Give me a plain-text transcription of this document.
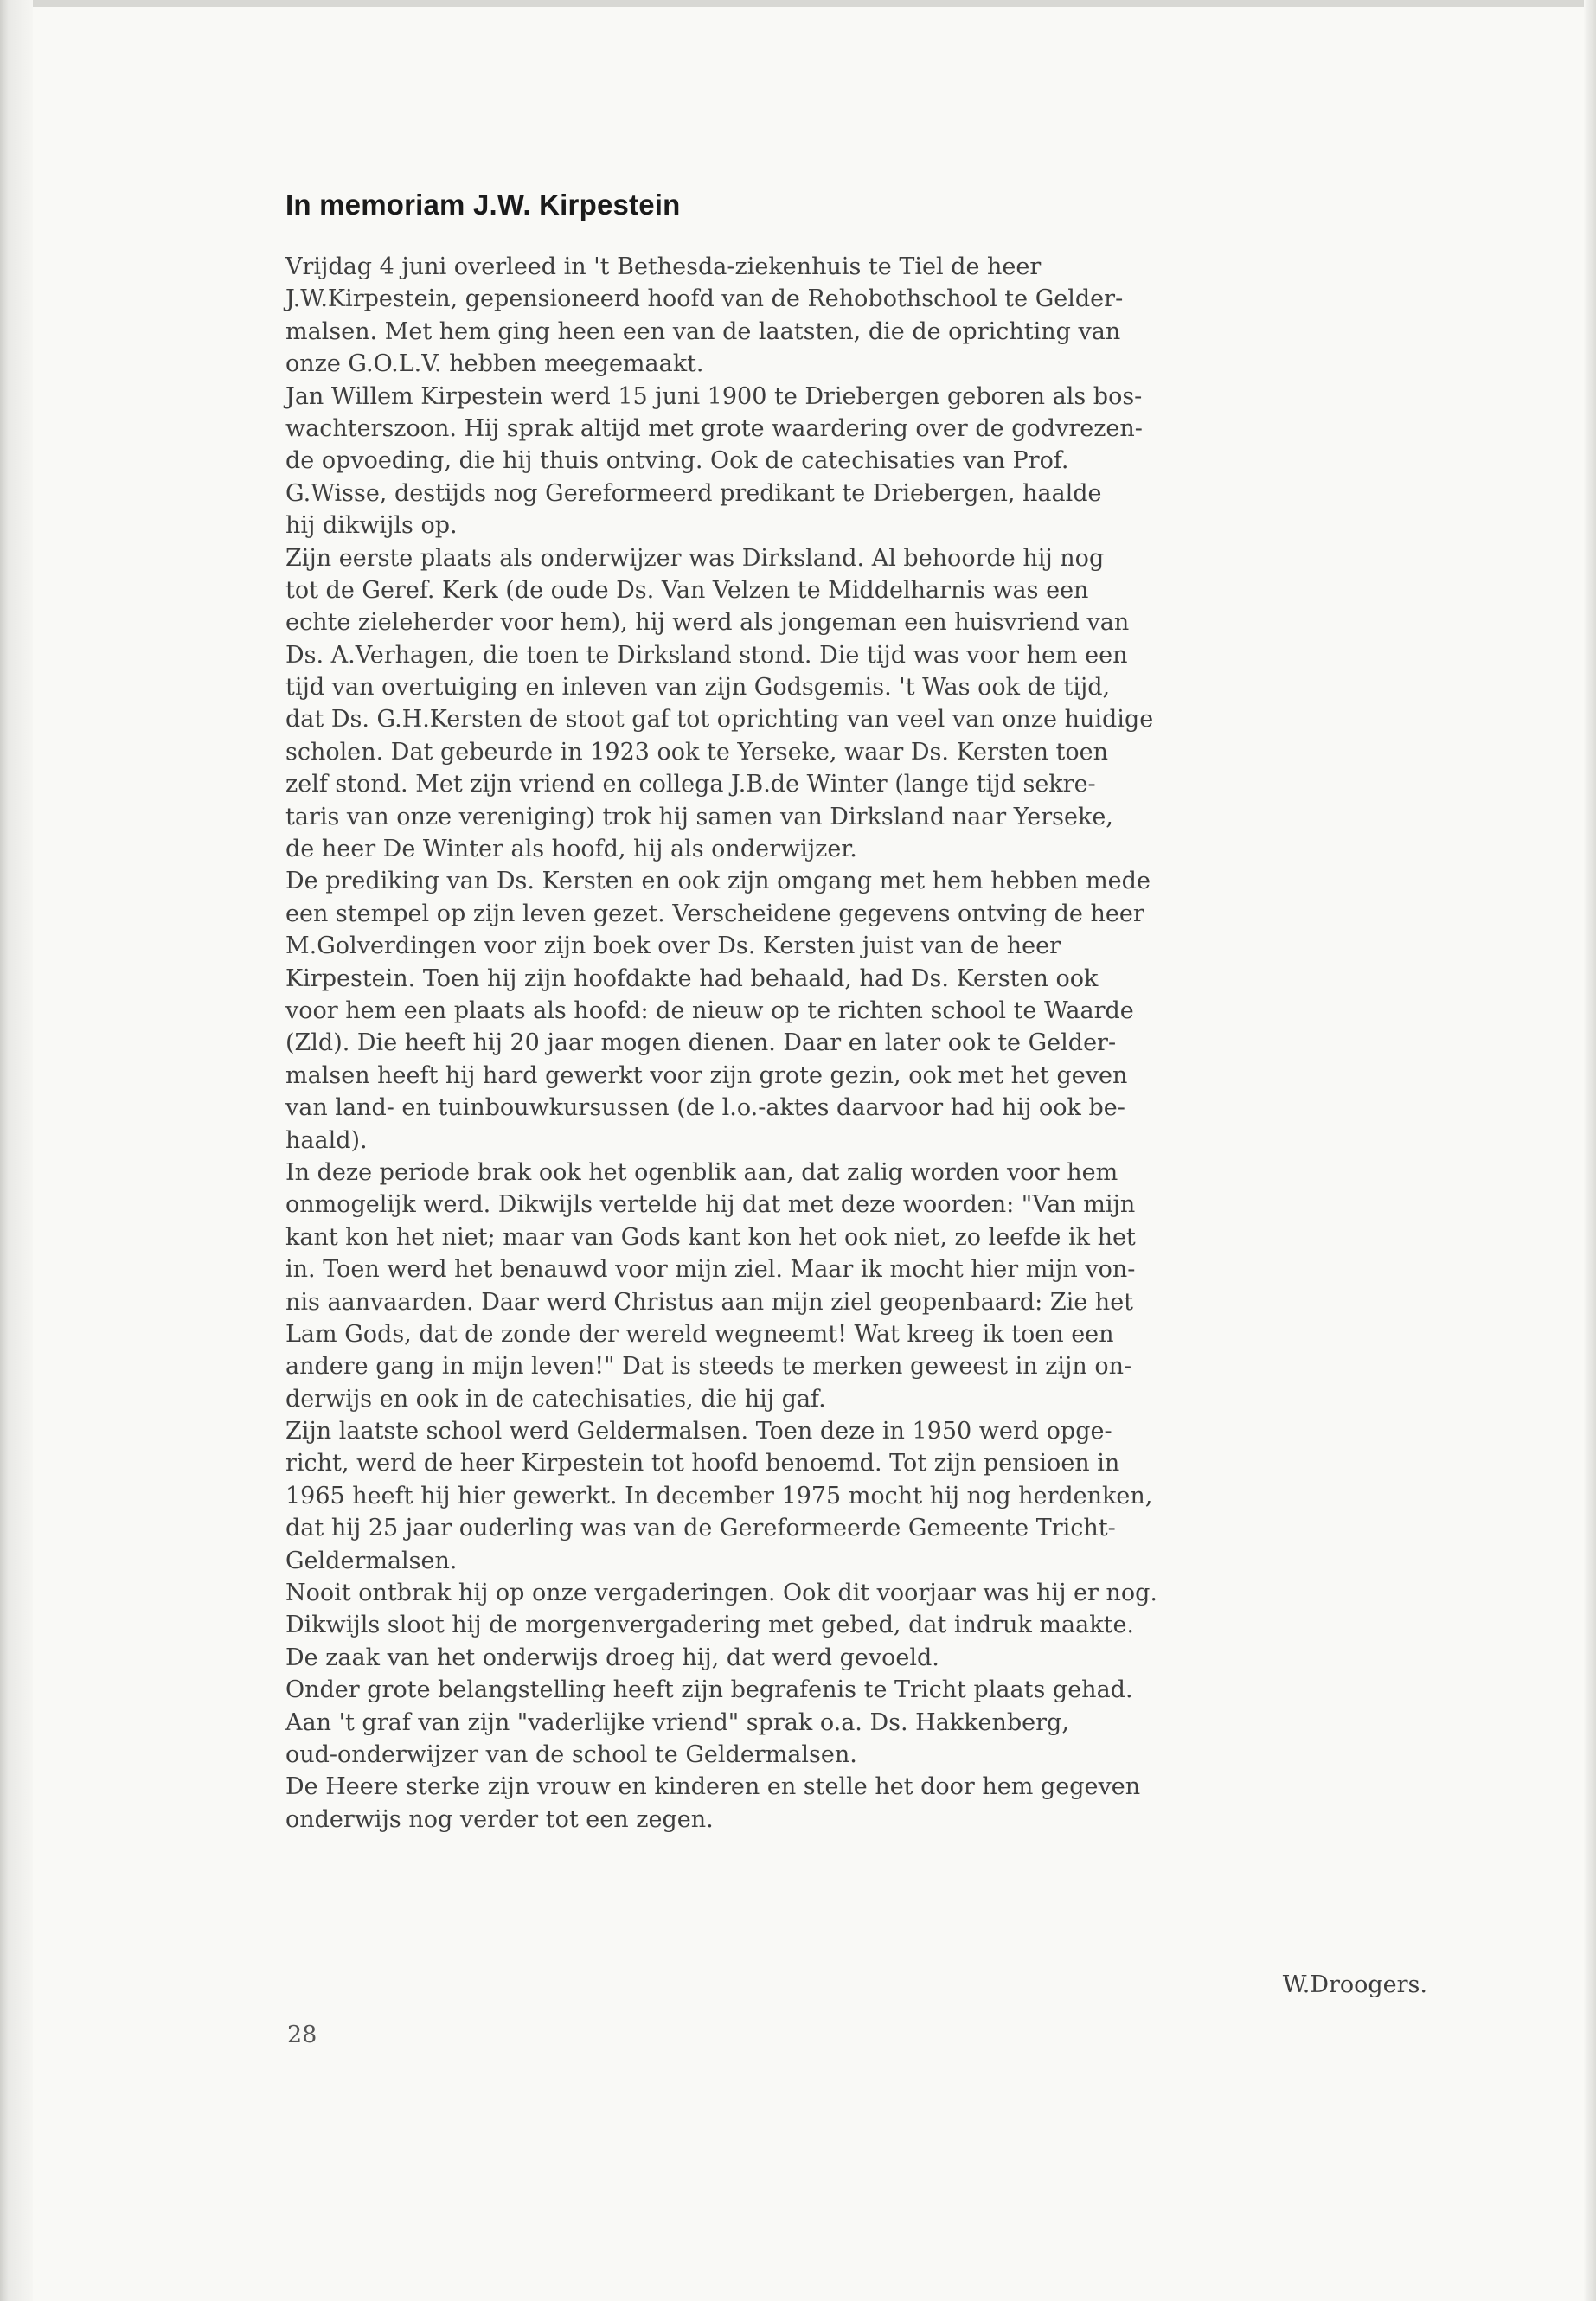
In memoriam J.W. Kirpestein
Vrijdag 4 juni overleed in 't Bethesda-ziekenhuis te Tiel de heer
J.W.Kirpestein, gepensioneerd hoofd van de Rehobothschool te Gelder-
malsen. Met hem ging heen een van de laatsten, die de oprichting van
onze G.O.L.V. hebben meegemaakt.
Jan Willem Kirpestein werd 15 juni 1900 te Driebergen geboren als bos-
wachterszoon. Hij sprak altijd met grote waardering over de godvrezen-
de opvoeding, die hij thuis ontving. Ook de catechisaties van Prof.
G.Wisse, destijds nog Gereformeerd predikant te Driebergen, haalde
hij dikwijls op.
Zijn eerste plaats als onderwijzer was Dirksland. Al behoorde hij nog
tot de Geref. Kerk (de oude Ds. Van Velzen te Middelharnis was een
echte zieleherder voor hem), hij werd als jongeman een huisvriend van
Ds. A.Verhagen, die toen te Dirksland stond. Die tijd was voor hem een
tijd van overtuiging en inleven van zijn Godsgemis. 't Was ook de tijd,
dat Ds. G.H.Kersten de stoot gaf tot oprichting van veel van onze huidige
scholen. Dat gebeurde in 1923 ook te Yerseke, waar Ds. Kersten toen
zelf stond. Met zijn vriend en collega J.B.de Winter (lange tijd sekre-
taris van onze vereniging) trok hij samen van Dirksland naar Yerseke,
de heer De Winter als hoofd, hij als onderwijzer.
De prediking van Ds. Kersten en ook zijn omgang met hem hebben mede
een stempel op zijn leven gezet. Verscheidene gegevens ontving de heer
M.Golverdingen voor zijn boek over Ds. Kersten juist van de heer
Kirpestein. Toen hij zijn hoofdakte had behaald, had Ds. Kersten ook
voor hem een plaats als hoofd: de nieuw op te richten school te Waarde
(Zld). Die heeft hij 20 jaar mogen dienen. Daar en later ook te Gelder-
malsen heeft hij hard gewerkt voor zijn grote gezin, ook met het geven
van land- en tuinbouwkursussen (de l.o.-aktes daarvoor had hij ook be-
haald).
In deze periode brak ook het ogenblik aan, dat zalig worden voor hem
onmogelijk werd. Dikwijls vertelde hij dat met deze woorden: "Van mijn
kant kon het niet; maar van Gods kant kon het ook niet, zo leefde ik het
in. Toen werd het benauwd voor mijn ziel. Maar ik mocht hier mijn von-
nis aanvaarden. Daar werd Christus aan mijn ziel geopenbaard: Zie het
Lam Gods, dat de zonde der wereld wegneemt! Wat kreeg ik toen een
andere gang in mijn leven!" Dat is steeds te merken geweest in zijn on-
derwijs en ook in de catechisaties, die hij gaf.
Zijn laatste school werd Geldermalsen. Toen deze in 1950 werd opge-
richt, werd de heer Kirpestein tot hoofd benoemd. Tot zijn pensioen in
1965 heeft hij hier gewerkt. In december 1975 mocht hij nog herdenken,
dat hij 25 jaar ouderling was van de Gereformeerde Gemeente Tricht-
Geldermalsen.
Nooit ontbrak hij op onze vergaderingen. Ook dit voorjaar was hij er nog.
Dikwijls sloot hij de morgenvergadering met gebed, dat indruk maakte.
De zaak van het onderwijs droeg hij, dat werd gevoeld.
Onder grote belangstelling heeft zijn begrafenis te Tricht plaats gehad.
Aan 't graf van zijn "vaderlijke vriend" sprak o.a. Ds. Hakkenberg,
oud-onderwijzer van de school te Geldermalsen.
De Heere sterke zijn vrouw en kinderen en stelle het door hem gegeven
onderwijs nog verder tot een zegen.
W.Droogers.
28
